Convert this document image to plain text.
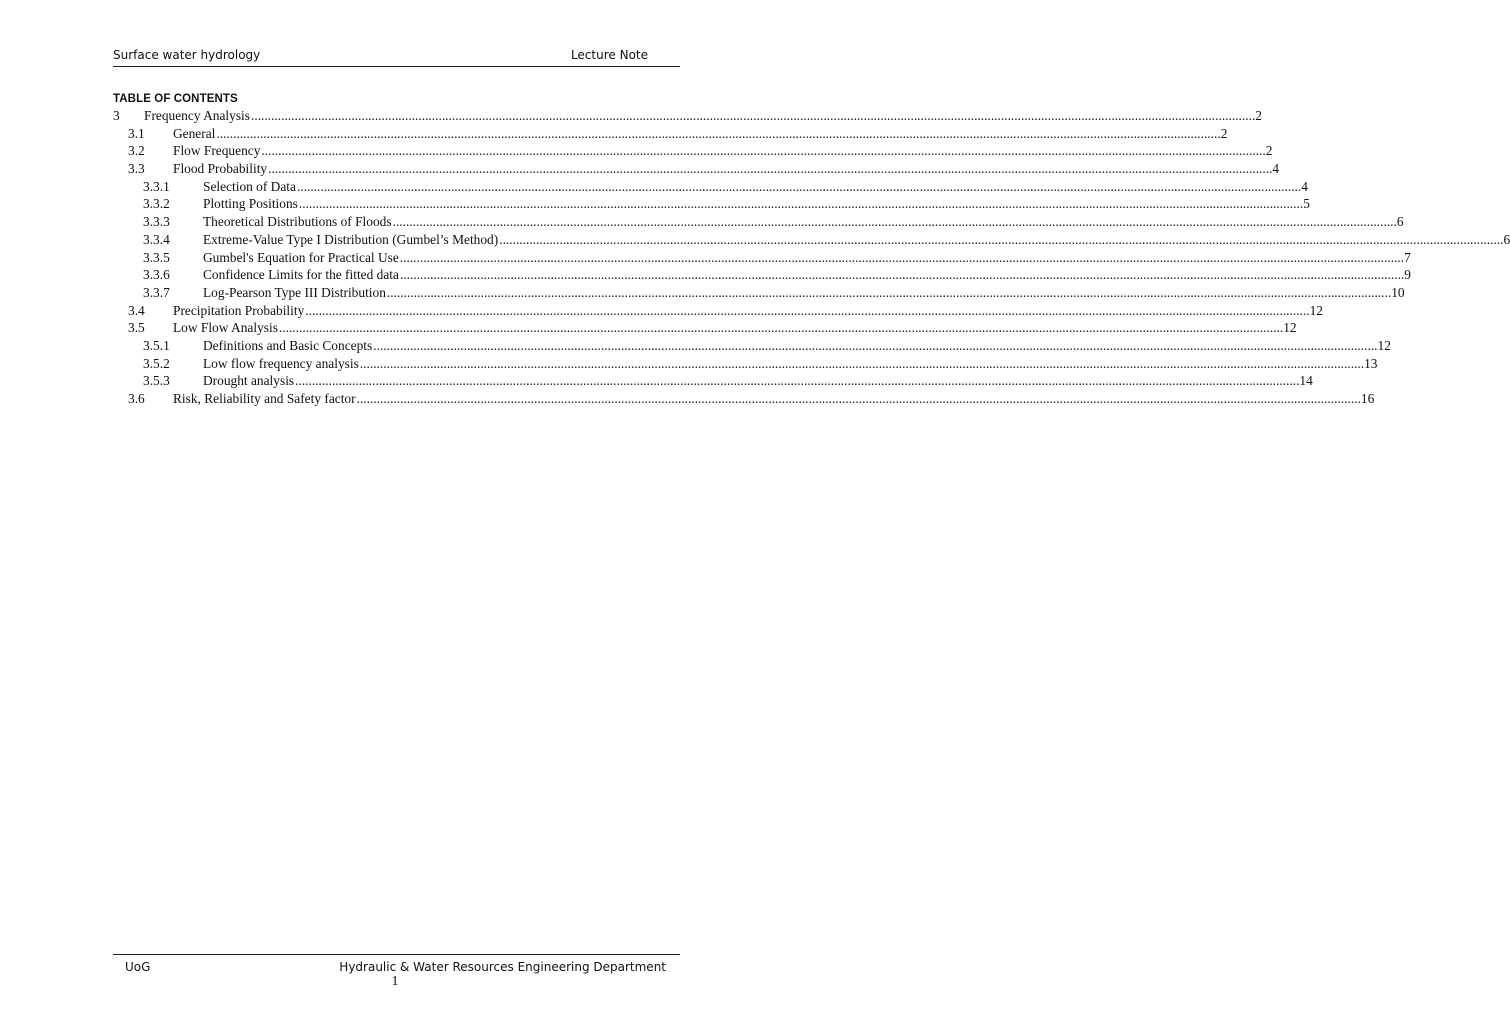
Surface water hydrology	Lecture Note
TABLE OF CONTENTS
3	Frequency Analysis ............................................................................................................................................................................................................................................................................................................ 2
3.1	General ............................................................................................................................................................................................................................................................................................................ 2
3.2	Flow Frequency ............................................................................................................................................................................................................................................................................................................ 2
3.3	Flood Probability ............................................................................................................................................................................................................................................................................................................ 4
3.3.1	Selection of Data ............................................................................................................................................................................................................................................................................................................ 4
3.3.2	Plotting Positions ............................................................................................................................................................................................................................................................................................................ 5
3.3.3	Theoretical Distributions of Floods ............................................................................................................................................................................................................................................................................................................ 6
3.3.4	Extreme-Value Type I Distribution (Gumbel’s Method) ............................................................................................................................................................................................................................................................................................................ 6
3.3.5	Gumbel's Equation for Practical Use ............................................................................................................................................................................................................................................................................................................ 7
3.3.6	Confidence Limits for the fitted data ............................................................................................................................................................................................................................................................................................................ 9
3.3.7	Log-Pearson Type III Distribution ............................................................................................................................................................................................................................................................................................................ 10
3.4	Precipitation Probability ............................................................................................................................................................................................................................................................................................................ 12
3.5	Low Flow Analysis ............................................................................................................................................................................................................................................................................................................ 12
3.5.1	Definitions and Basic Concepts ............................................................................................................................................................................................................................................................................................................ 12
3.5.2	Low flow frequency analysis ............................................................................................................................................................................................................................................................................................................ 13
3.5.3	Drought analysis ............................................................................................................................................................................................................................................................................................................ 14
3.6	Risk, Reliability and Safety factor ............................................................................................................................................................................................................................................................................................................ 16
UoG	Hydraulic & Water Resources Engineering Department
1
